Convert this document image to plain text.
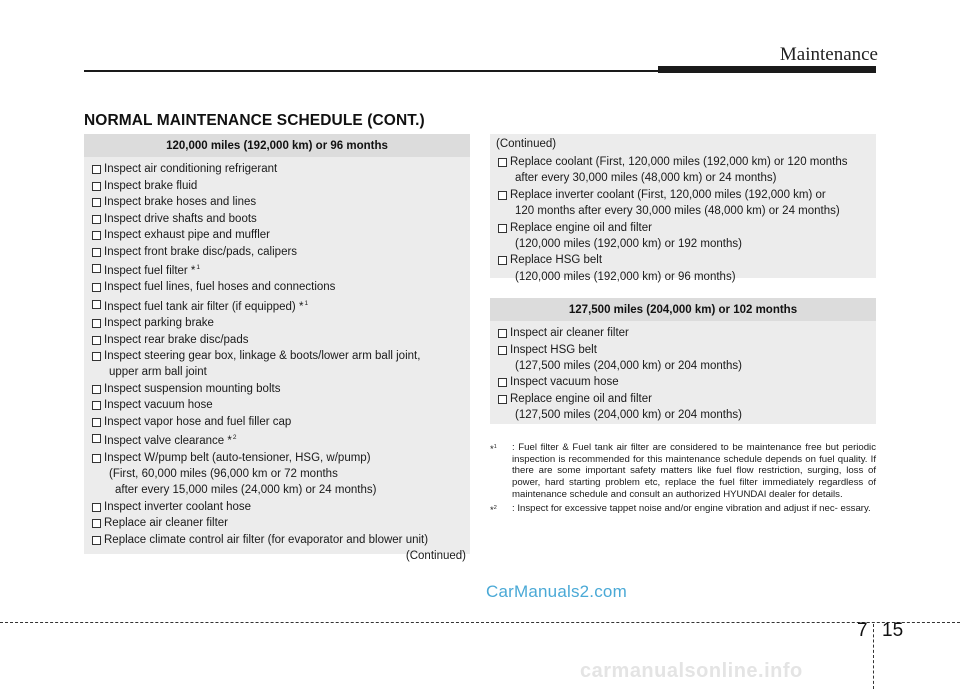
Maintenance
NORMAL MAINTENANCE SCHEDULE (CONT.)
120,000 miles (192,000 km) or 96 months
Inspect air conditioning refrigerant
Inspect brake fluid
Inspect brake hoses and lines
Inspect drive shafts and boots
Inspect exhaust pipe and muffler
Inspect front brake disc/pads, calipers
Inspect fuel filter *$^1$
Inspect fuel lines, fuel hoses and connections
Inspect fuel tank air filter (if equipped) *$^1$
Inspect parking brake
Inspect rear brake disc/pads
Inspect steering gear box, linkage & boots/lower arm ball joint,
upper arm ball joint
Inspect suspension mounting bolts
Inspect vacuum hose
Inspect vapor hose and fuel filler cap
Inspect valve clearance *$^2$
Inspect W/pump belt (auto-tensioner, HSG, w/pump)
(First, 60,000 miles (96,000 km or 72 months
after every 15,000 miles (24,000 km) or 24 months)
Inspect inverter coolant hose
Replace air cleaner filter
Replace climate control air filter (for evaporator and blower unit)
(Continued)
(Continued)
Replace coolant (First, 120,000 miles (192,000 km) or 120 months
after every 30,000 miles (48,000 km) or 24 months)
Replace inverter coolant (First, 120,000 miles (192,000 km) or
120 months after every 30,000 miles (48,000 km) or 24 months)
Replace engine oil and filter
(120,000 miles (192,000 km) or 192 months)
Replace HSG belt
(120,000 miles (192,000 km) or 96 months)
127,500 miles (204,000 km) or 102 months
Inspect air cleaner filter
Inspect HSG belt
(127,500 miles (204,000 km) or 204 months)
Inspect vacuum hose
Replace engine oil and filter
(127,500 miles (204,000 km) or 204 months)
*$^1$ : Fuel filter & Fuel tank air filter are considered to be maintenance free but periodic inspection is recommended for this maintenance schedule depends on fuel quality. If there are some important safety matters like fuel flow restriction, surging, loss of power, hard starting problem etc, replace the fuel filter immediately regardless of maintenance schedule and consult an authorized HYUNDAI dealer for details.
*$^2$ : Inspect for excessive tappet noise and/or engine vibration and adjust if nec- essary.
CarManuals2.com
7 15
carmanualsonline.info
